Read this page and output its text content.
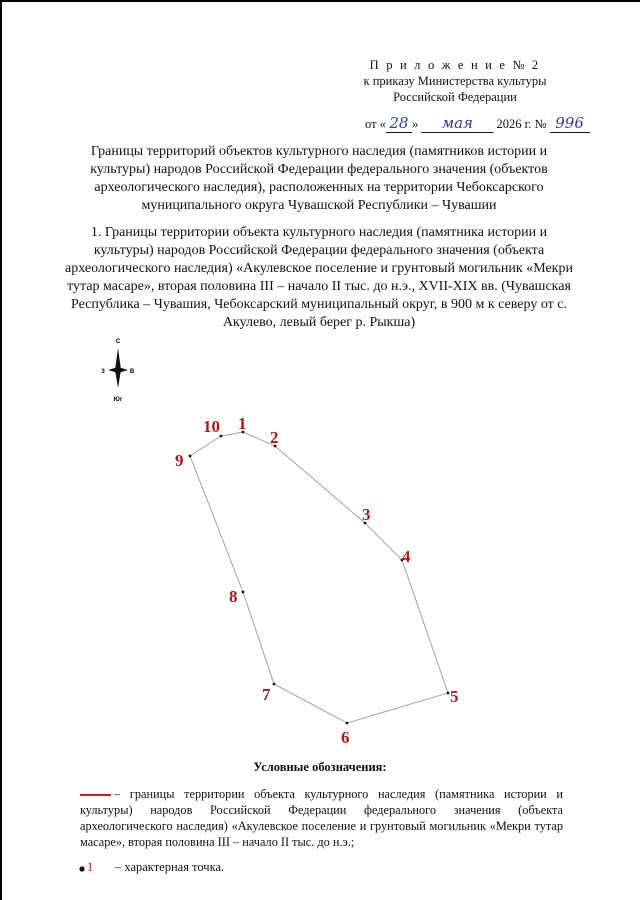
П р и л о ж е н и е № 2
к приказу Министерства культуры
Российской Федерации
от « 28 » мая 2026 г. № 996
Границы территорий объектов культурного наследия (памятников истории и культуры) народов Российской Федерации федерального значения (объектов археологического наследия), расположенных на территории Чебоксарского муниципального округа Чувашской Республики – Чувашии
1. Границы территории объекта культурного наследия (памятника истории и культуры) народов Российской Федерации федерального значения (объекта археологического наследия) «Акулевское поселение и грунтовый могильник «Мекри тутар масаре», вторая половина III – начало II тыс. до н.э., XVII-XIX вв. (Чувашская Республика – Чувашия, Чебоксарский муниципальный округ, в 900 м к северу от с. Акулево, левый берег р. Рыкша)
С
З	В
Юг
1
2
3
4
5
6
7
8
9
10
Условные обозначения:
– границы территории объекта культурного наследия (памятника истории и культуры) народов Российской Федерации федерального значения (объекта археологического наследия) «Акулевское поселение и грунтовый могильник «Мекри тутар масаре», вторая половина III – начало II тыс. до н.э.;
1 – характерная точка.
